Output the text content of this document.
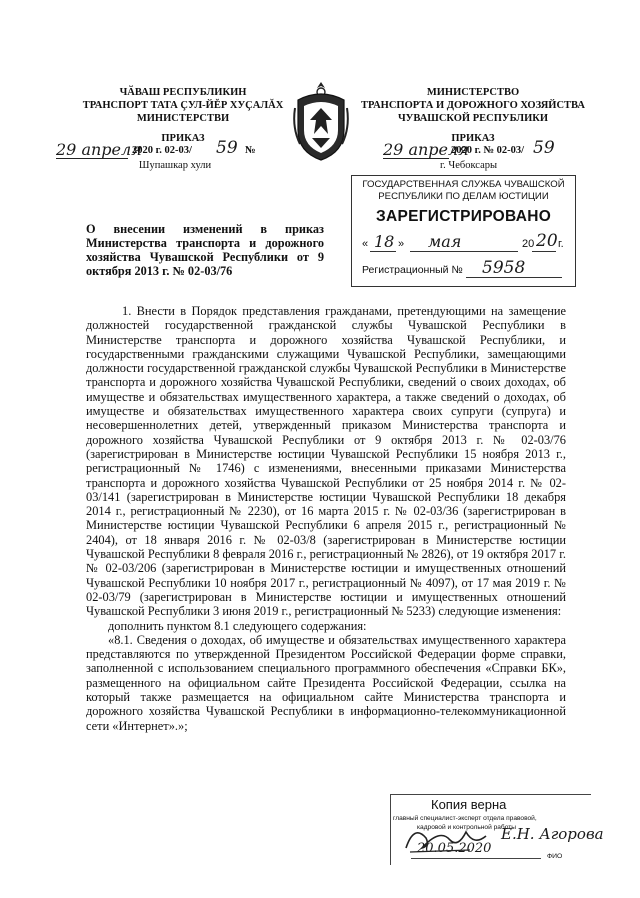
ЧӐВАШ РЕСПУБЛИКИН
ТРАНСПОРТ ТАТА ҪУЛ-ЙĔР ХУҪАЛĂХ
МИНИСТЕРСТВИ
ПРИКАЗ
29 апреля
2020 г. 02-03/ 59 №
Шупашкар хули
МИНИСТЕРСТВО
ТРАНСПОРТА И ДОРОЖНОГО ХОЗЯЙСТВА
ЧУВАШСКОЙ РЕСПУБЛИКИ
ПРИКАЗ
29 апреля
2020 г. № 02-03/ 59
г. Чебоксары
ГОСУДАРСТВЕННАЯ СЛУЖБА ЧУВАШСКОЙ
РЕСПУБЛИКИ ПО ДЕЛАМ ЮСТИЦИИ
ЗАРЕГИСТРИРОВАНО
« 18 » мая	20 20 г.
Регистрационный № 5958
О внесении изменений в приказ Министерства транспорта и дорожного хозяйства Чувашской Республики от 9 октября 2013 г. № 02-03/76

1. Внести в Порядок представления гражданами, претендующими на замещение должностей государственной гражданской службы Чувашской Республики в Министерстве транспорта и дорожного хозяйства Чувашской Республики, и государственными гражданскими служащими Чувашской Республики, замещающими должности государственной гражданской службы Чувашской Республики в Министерстве транспорта и дорожного хозяйства Чувашской Республики, сведений о своих доходах, об имуществе и обязательствах имущественного характера, а также сведений о доходах, об имуществе и обязательствах имущественного характера своих супруги (супруга) и несовершеннолетних детей, утвержденный приказом Министерства транспорта и дорожного хозяйства Чувашской Республики от 9 октября 2013 г. № 02-03/76 (зарегистрирован в Министерстве юстиции Чувашской Республики 15 ноября 2013 г., регистрационный № 1746) с изменениями, внесенными приказами Министерства транспорта и дорожного хозяйства Чувашской Республики от 25 ноября 2014 г. № 02-03/141 (зарегистрирован в Министерстве юстиции Чувашской Республики 18 декабря 2014 г., регистрационный № 2230), от 16 марта 2015 г. № 02-03/36 (зарегистрирован в Министерстве юстиции Чувашской Республики 6 апреля 2015 г., регистрационный № 2404), от 18 января 2016 г. № 02-03/8 (зарегистрирован в Министерстве юстиции Чувашской Республики 8 февраля 2016 г., регистрационный № 2826), от 19 октября 2017 г. № 02-03/206 (зарегистрирован в Министерстве юстиции и имущественных отношений Чувашской Республики 10 ноября 2017 г., регистрационный № 4097), от 17 мая 2019 г. № 02-03/79 (зарегистрирован в Министерстве юстиции и имущественных отношений Чувашской Республики 3 июня 2019 г., регистрационный № 5233) следующие изменения:

дополнить пунктом 8.1 следующего содержания:

«8.1. Сведения о доходах, об имуществе и обязательствах имущественного характера представляются по утвержденной Президентом Российской Федерации форме справки, заполненной с использованием специального программного обеспечения «Справки БК», размещенного на официальном сайте Президента Российской Федерации, ссылка на который также размещается на официальном сайте Министерства транспорта и дорожного хозяйства Чувашской Республики в информационно-телекоммуникационной сети «Интернет».»;

Копия верна
главный специалист-эксперт отдела правовой,
кадровой и контрольной работы
Е.Н. Агорова
20.05.2020
ФИО
